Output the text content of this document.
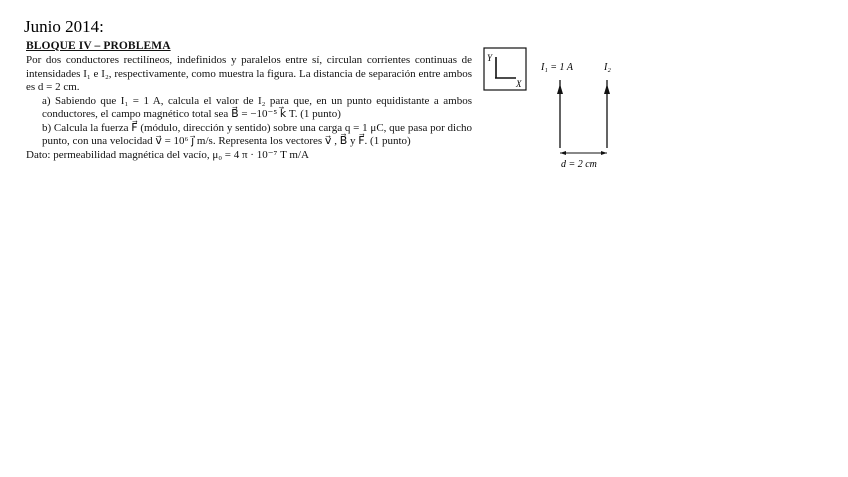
Junio 2014:
BLOQUE IV – PROBLEMA

Por dos conductores rectilíneos, indefinidos y paralelos entre sí, circulan corrientes continuas de intensidades I₁ e I₂, respectivamente, como muestra la figura. La distancia de separación entre ambos es d = 2 cm.

a) Sabiendo que I₁ = 1 A, calcula el valor de I₂ para que, en un punto equidistante a ambos conductores, el campo magnético total sea B⃗ = −10⁻⁵ k⃗ T. (1 punto)

b) Calcula la fuerza F⃗ (módulo, dirección y sentido) sobre una carga q = 1 μC, que pasa por dicho punto, con una velocidad v⃗ = 10⁶ j⃗ m/s. Representa los vectores v⃗ , B⃗ y F⃗. (1 punto)

Dato: permeabilidad magnética del vacío, μ₀ = 4 π · 10⁻⁷ T m/A

Y
X
I₁ = 1 A	I₂
d = 2 cm
